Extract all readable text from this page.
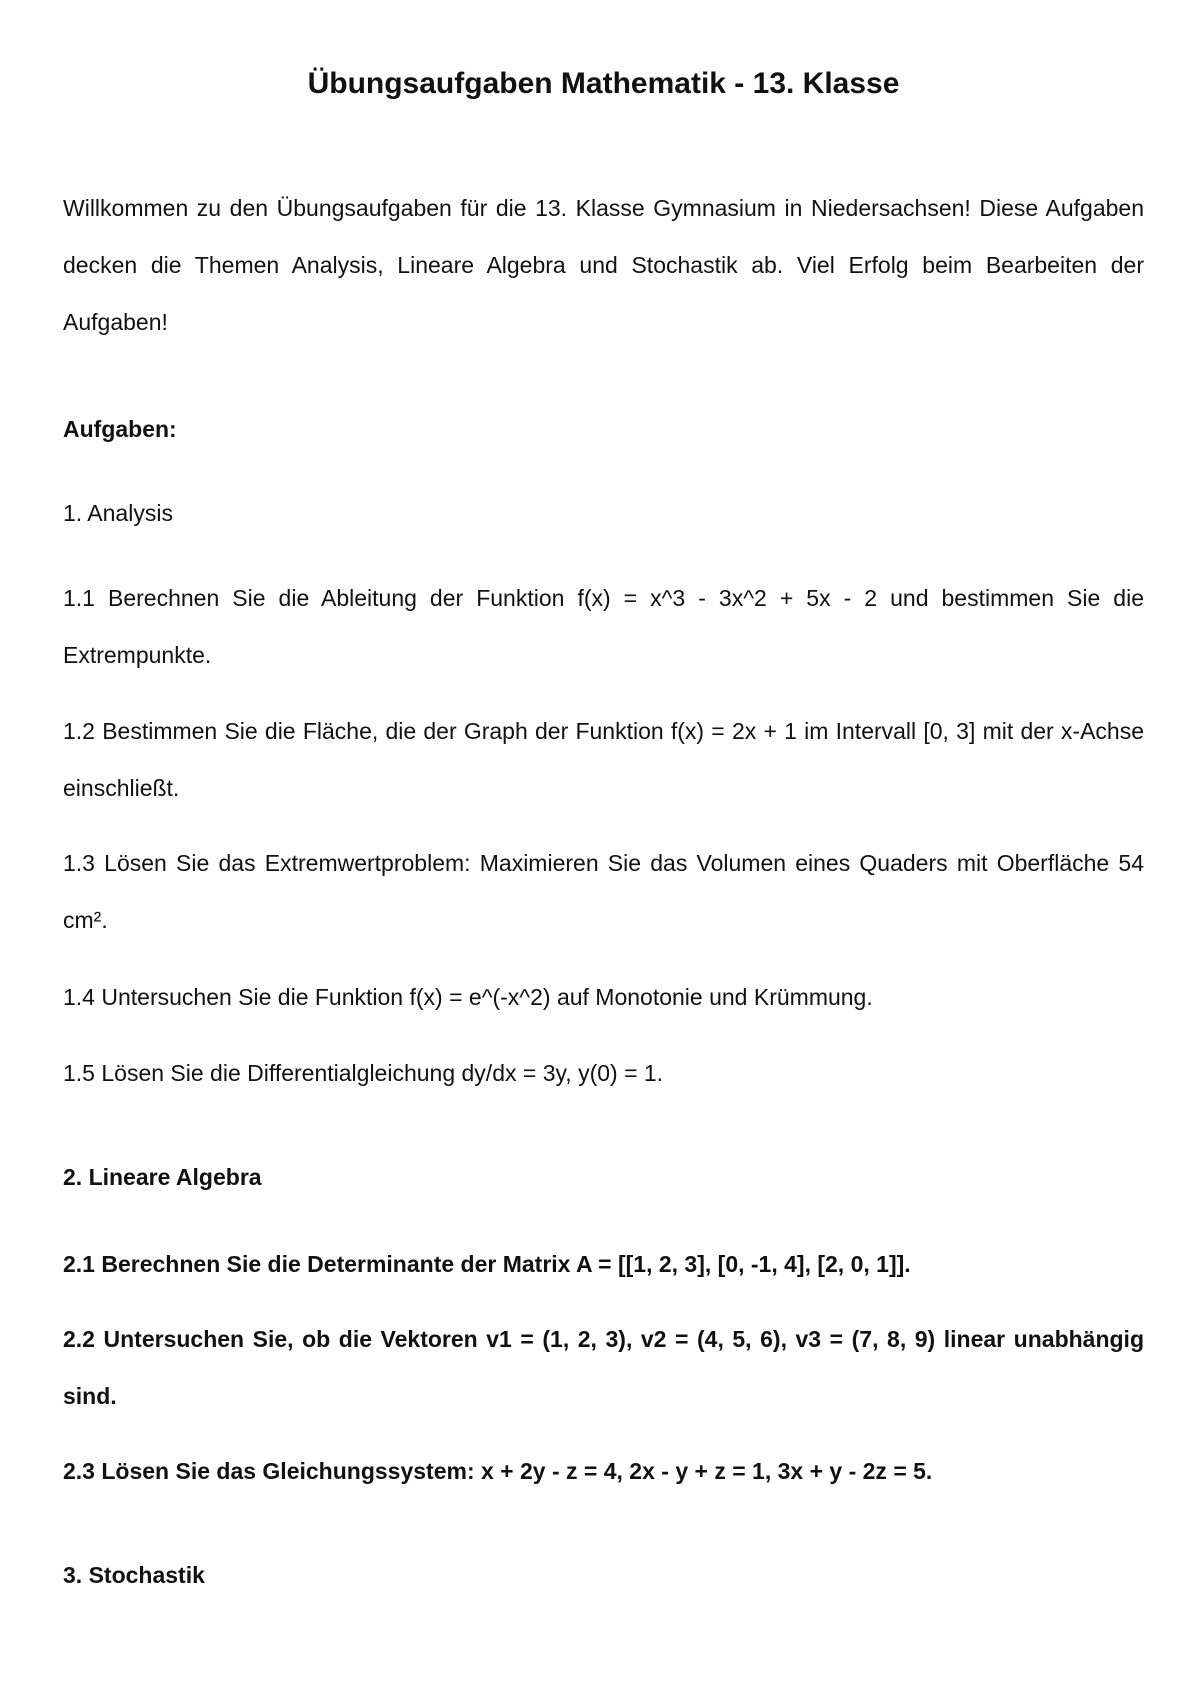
Übungsaufgaben Mathematik - 13. Klasse

Willkommen zu den Übungsaufgaben für die 13. Klasse Gymnasium in Niedersachsen! Diese Aufgaben decken die Themen Analysis, Lineare Algebra und Stochastik ab. Viel Erfolg beim Bearbeiten der Aufgaben!

Aufgaben:

1. Analysis

1.1 Berechnen Sie die Ableitung der Funktion f(x) = x^3 - 3x^2 + 5x - 2 und bestimmen Sie die Extrempunkte.

1.2 Bestimmen Sie die Fläche, die der Graph der Funktion f(x) = 2x + 1 im Intervall [0, 3] mit der x-Achse einschließt.

1.3 Lösen Sie das Extremwertproblem: Maximieren Sie das Volumen eines Quaders mit Oberfläche 54 cm².

1.4 Untersuchen Sie die Funktion f(x) = e^(-x^2) auf Monotonie und Krümmung.

1.5 Lösen Sie die Differentialgleichung dy/dx = 3y, y(0) = 1.

2. Lineare Algebra

2.1 Berechnen Sie die Determinante der Matrix A = [[1, 2, 3], [0, -1, 4], [2, 0, 1]].

2.2 Untersuchen Sie, ob die Vektoren v1 = (1, 2, 3), v2 = (4, 5, 6), v3 = (7, 8, 9) linear unabhängig sind.

2.3 Lösen Sie das Gleichungssystem: x + 2y - z = 4, 2x - y + z = 1, 3x + y - 2z = 5.

3. Stochastik
